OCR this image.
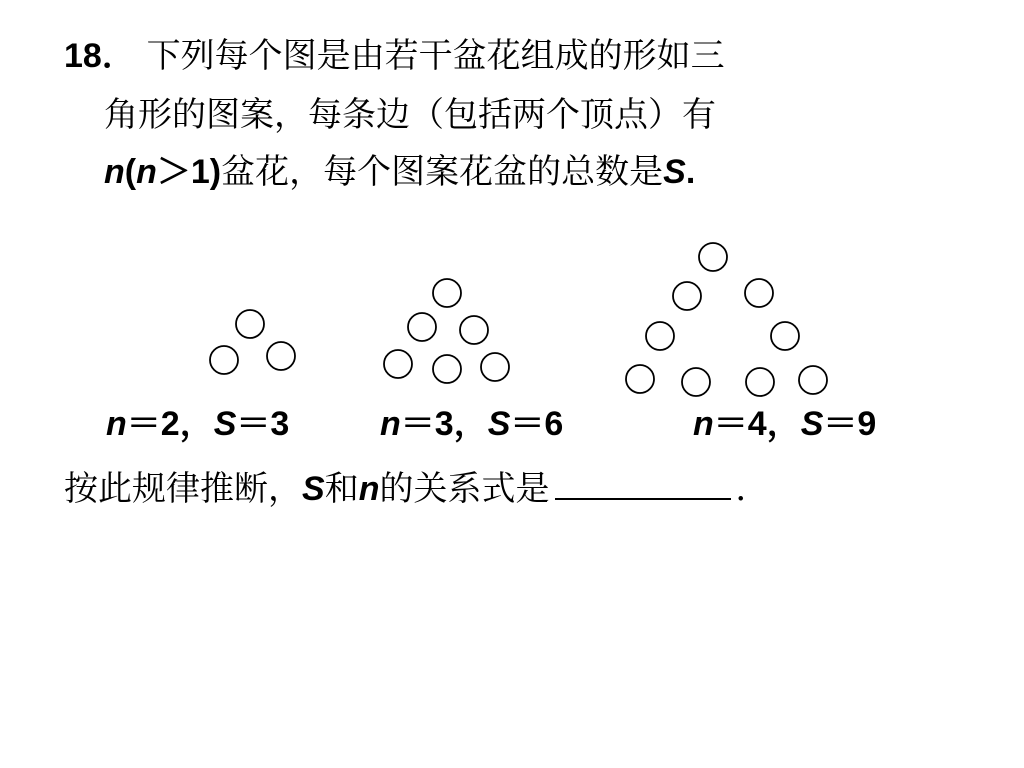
18． 下列每个图是由若干盆花组成的形如三
角形的图案，每条边（包括两个顶点）有
n(n＞1)盆花，每个图案花盆的总数是S.
n＝2，S＝3	n＝3，S＝6	n＝4，S＝9
按此规律推断，S和n的关系式是	．
